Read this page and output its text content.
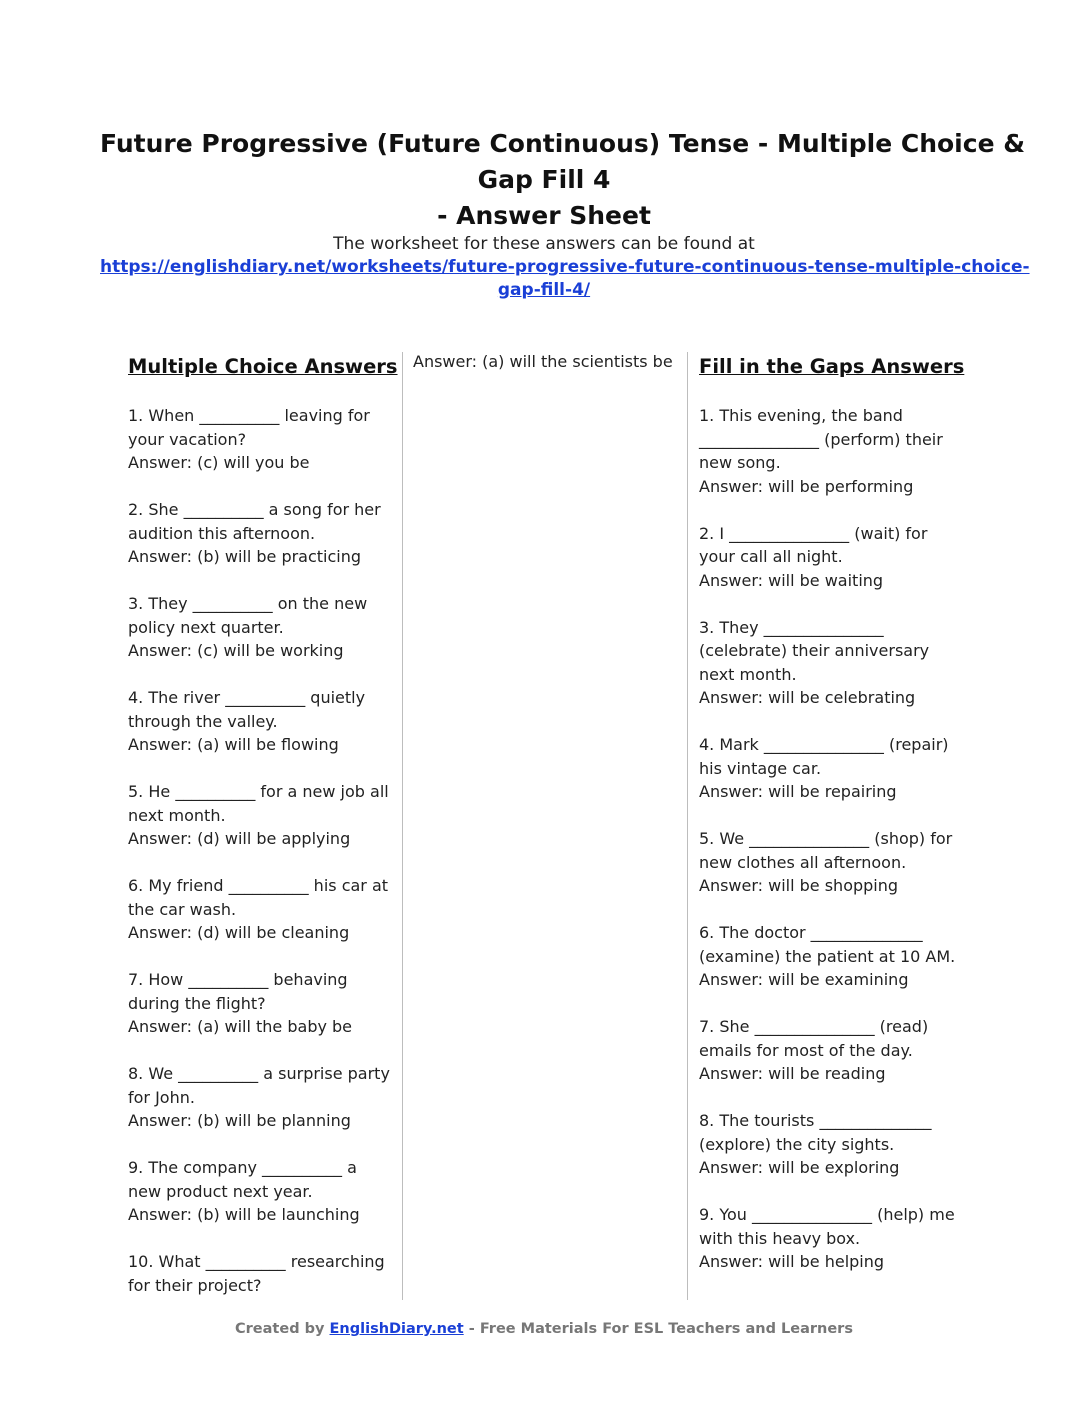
Future Progressive (Future Continuous) Tense - Multiple Choice &
Gap Fill 4
- Answer Sheet
The worksheet for these answers can be found at
https://englishdiary.net/worksheets/future-progressive-future-continuous-tense-multiple-choice-
gap-fill-4/
Multiple Choice Answers
1. When __________ leaving for your vacation?
Answer: (c) will you be
2. She __________ a song for her audition this afternoon.
Answer: (b) will be practicing
3. They __________ on the new policy next quarter.
Answer: (c) will be working
4. The river __________ quietly through the valley.
Answer: (a) will be flowing
5. He __________ for a new job all next month.
Answer: (d) will be applying
6. My friend __________ his car at the car wash.
Answer: (d) will be cleaning
7. How __________ behaving during the flight?
Answer: (a) will the baby be
8. We __________ a surprise party for John.
Answer: (b) will be planning
9. The company __________ a new product next year.
Answer: (b) will be launching
10. What __________ researching for their project?
Answer: (a) will the scientists be Fill in the Gaps Answers
1. This evening, the band _______________ (perform) their new song.
Answer: will be performing
2. I _______________ (wait) for your call all night.
Answer: will be waiting
3. They _______________ (celebrate) their anniversary next month.
Answer: will be celebrating
4. Mark _______________ (repair) his vintage car.
Answer: will be repairing
5. We _______________ (shop) for new clothes all afternoon.
Answer: will be shopping
6. The doctor ______________ (examine) the patient at 10 AM.
Answer: will be examining
7. She _______________ (read) emails for most of the day.
Answer: will be reading
8. The tourists ______________ (explore) the city sights.
Answer: will be exploring
9. You _______________ (help) me with this heavy box.
Answer: will be helping
Created by EnglishDiary.net - Free Materials For ESL Teachers and Learners
